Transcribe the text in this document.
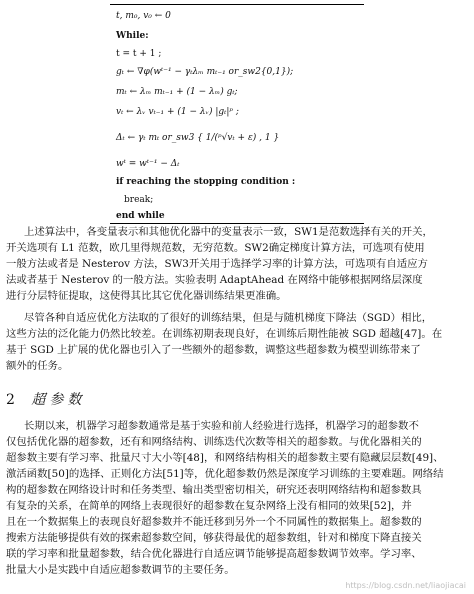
t, m₀, v₀ ← 0
While:
t = t + 1 ;
gₜ ← ∇φ(wᵗ⁻¹ − γₜλₘ mₜ₋₁ or_sw2{0,1});
mₜ ← λₘ mₜ₋₁ + (1 − λₘ) gₜ;
vₜ ← λᵥ vₜ₋₁ + (1 − λᵥ) |gₜ|ᵖ ;
Δₜ ← γₜ mₜ or_sw3 { 1/(ᵖ√vₜ + ε) , 1 }
wᵗ = wᵗ⁻¹ − Δₜ
if reaching the stopping condition :
break;
end while
上述算法中，各变量表示和其他优化器中的变量表示一致，SW1是范数选择有关的开关，
开关选项有 L1 范数，欧几里得规范数，无穷范数。SW2确定梯度计算方法，可选项有使用
一般方法或者是 Nesterov 方法，SW3开关用于选择学习率的计算方法，可选项有自适应方
法或者基于 Nesterov 的一般方法。实验表明 AdaptAhead 在网络中能够根据网络层深度
进行分层特征提取，这使得其比其它优化器训练结果更准确。
尽管各种自适应优化方法取的了很好的训练结果，但是与随机梯度下降法（SGD）相比，
这些方法的泛化能力仍然比较差。在训练初期表现良好，在训练后期性能被 SGD 超越[47]。在
基于 SGD 上扩展的优化器也引入了一些额外的超参数，调整这些超参数为模型训练带来了
额外的任务。
2 超参数
长期以来，机器学习超参数通常是基于实验和前人经验进行选择，机器学习的超参数不
仅包括优化器的超参数，还有和网络结构、训练迭代次数等相关的超参数。与优化器相关的
超参数主要有学习率、批量尺寸大小等[48]，和网络结构相关的超参数主要有隐藏层层数[49]、
激活函数[50]的选择、正则化方法[51]等，优化超参数仍然是深度学习训练的主要难题。网络结
构的超参数在网络设计时和任务类型、输出类型密切相关，研究还表明网络结构和超参数具
有复杂的关系，在简单的网络上表现很好的超参数在复杂网络上没有相同的效果[52]，并
且在一个数据集上的表现良好超参数并不能迁移到另外一个不同属性的数据集上。超参数的
搜索方法能够提供有效的探索超参数空间，够获得最优的超参数组，针对和梯度下降直接关
联的学习率和批量超参数，结合优化器进行自适应调节能够提高超参数调节效率。学习率、
批量大小是实践中自适应超参数调节的主要任务。
https://blog.csdn.net/liaojiacai
